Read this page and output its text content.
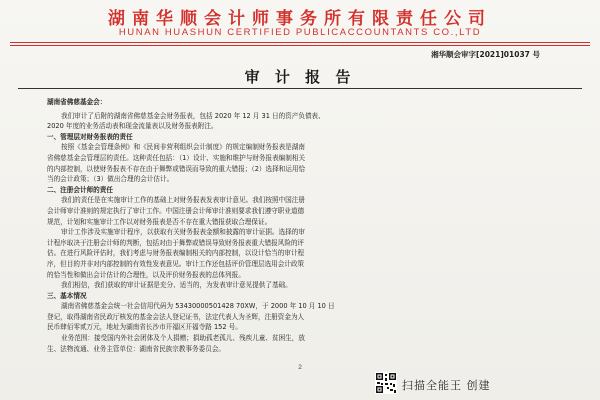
湖南华顺会计师事务所有限责任公司
HUNAN HUASHUN CERTIFIED PUBLICACCOUNTANTS CO.,LTD
湘华顺会审字[2021]01037 号
审 计 报 告
湖南省佛慈基金会：
我们审计了后附的湖南省佛慈基金会财务报表，包括 2020 年 12 月 31 日的资产负债表、
2020 年度的业务活动表和现金流量表以及财务报表附注。
一、管理层对财务报表的责任
按照《基金会管理条例》和《民间非营利组织会计制度》的规定编制财务报表是湖南
省佛慈基金会管理层的责任。这种责任包括：（1）设计、实施和维护与财务报表编制相关
的内部控制，以使财务报表不存在由于舞弊或错误而导致的重大错报；（2）选择和运用恰
当的会计政策；（3）做出合理的会计估计。
二、注册会计师的责任
我们的责任是在实施审计工作的基础上对财务报表发表审计意见。我们按照中国注册
会计师审计准则的规定执行了审计工作。中国注册会计师审计准则要求我们遵守职业道德
规范，计划和实施审计工作以对财务报表是否不存在重大错报获取合理保证。
审计工作涉及实施审计程序，以获取有关财务报表金额和披露的审计证据。选择的审
计程序取决于注册会计师的判断，包括对由于舞弊或错误导致财务报表重大错报风险的评
估。在进行风险评估时，我们考虑与财务报表编制相关的内部控制，以设计恰当的审计程
序，但目的并非对内部控制的有效性发表意见。审计工作还包括评价管理层选用会计政策
的恰当性和做出会计估计的合理性，以及评价财务报表的总体列报。
我们相信，我们获取的审计证据是充分、适当的，为发表审计意见提供了基础。
三、基本情况
湖南省佛慈基金会统一社会信用代码为 53430000501428 70XW，于 2000 年 10 月 10 日
登记，取得湖南省民政厅核发的基金会法人登记证书，法定代表人为圣辉，注册资金为人
民币肆佰零贰万元，地址为湖南省长沙市开福区开福寺路 152 号。
业务范围：接受国内外社会团体及个人捐赠；捐助孤老孤儿、残疾儿童、贫困生，放
生、法物流通、业务主管单位：湖南省民族宗教事务委员会。
2
扫描全能王 创建
